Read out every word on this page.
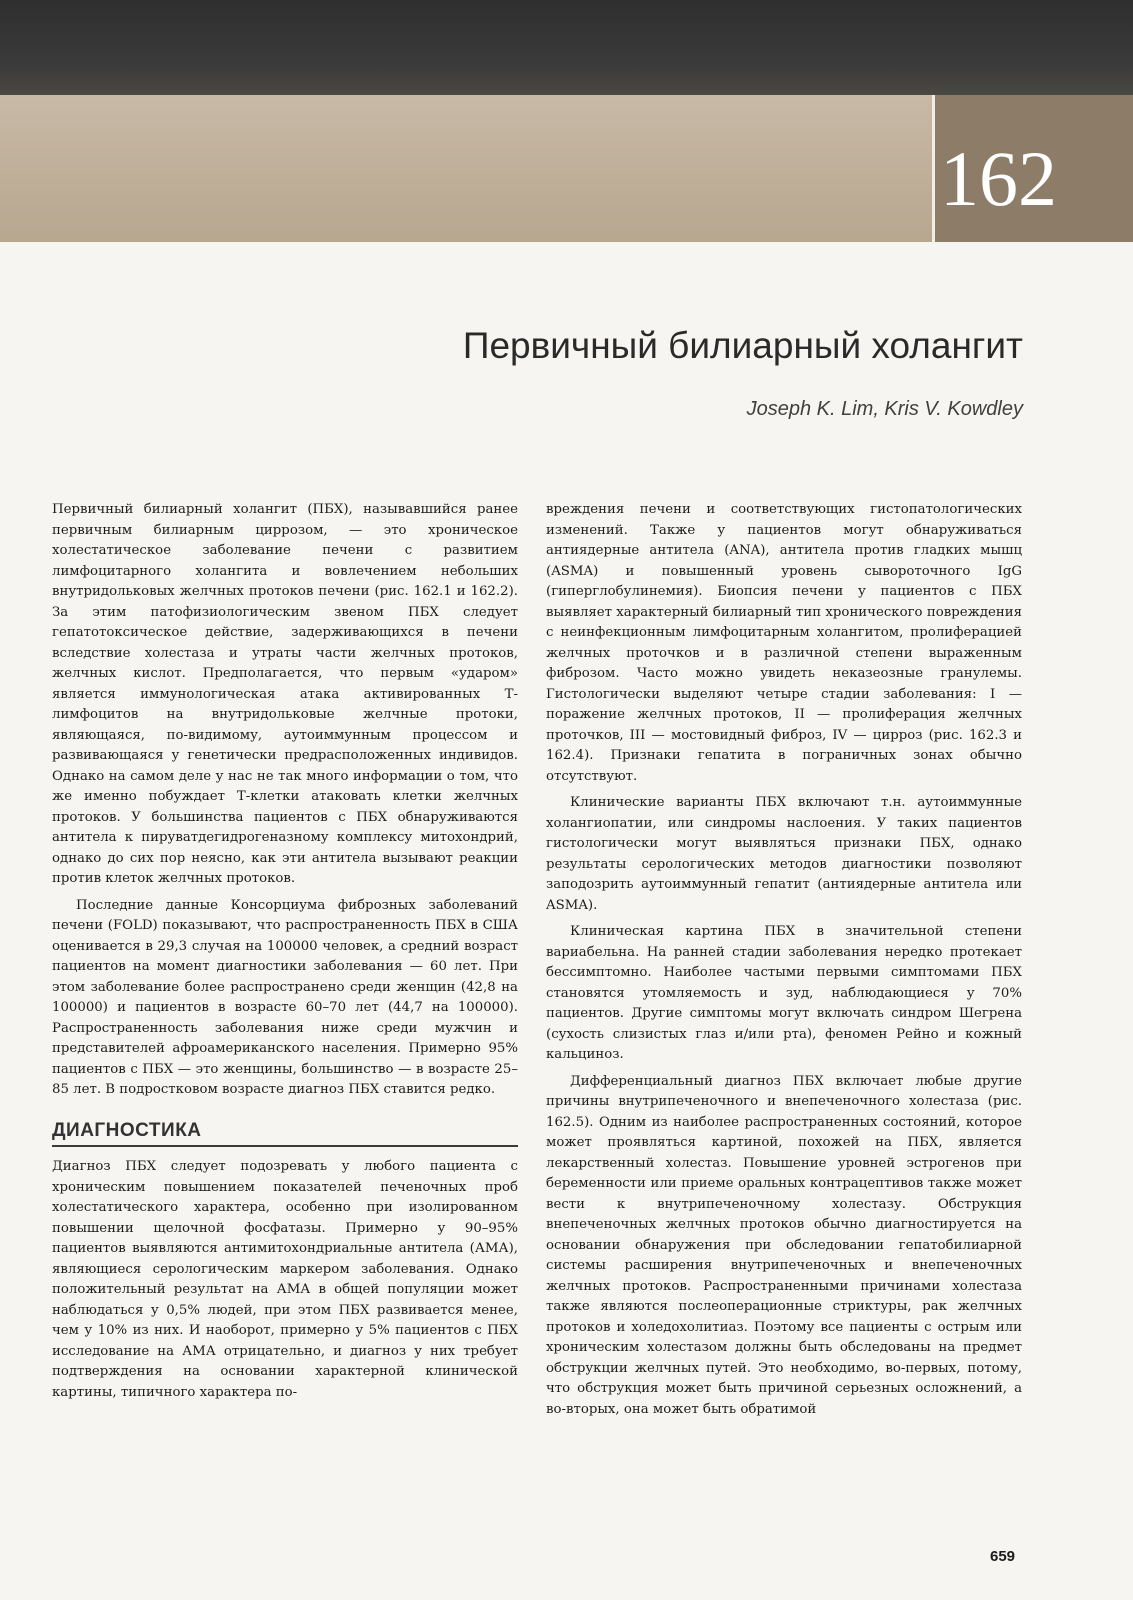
162
Первичный билиарный холангит
Joseph K. Lim, Kris V. Kowdley

Первичный билиарный холангит (ПБХ), называвшийся ранее первичным билиарным циррозом, — это хроническое холестатическое заболевание печени с развитием лимфоцитарного холангита и вовлечением небольших внутридольковых желчных протоков печени (рис. 162.1 и 162.2). За этим патофизиологическим звеном ПБХ следует гепатотоксическое действие, задерживающихся в печени вследствие холестаза и утраты части желчных протоков, желчных кислот. Предполагается, что первым «ударом» является иммунологическая атака активированных Т-лимфоцитов на внутридольковые желчные протоки, являющаяся, по-видимому, аутоиммунным процессом и развивающаяся у генетически предрасположенных индивидов. Однако на самом деле у нас не так много информации о том, что же именно побуждает Т-клетки атаковать клетки желчных протоков. У большинства пациентов с ПБХ обнаруживаются антитела к пируватдегидрогеназному комплексу митохондрий, однако до сих пор неясно, как эти антитела вызывают реакции против клеток желчных протоков.

Последние данные Консорциума фиброзных заболеваний печени (FOLD) показывают, что распространенность ПБХ в США оценивается в 29,3 случая на 100000 человек, а средний возраст пациентов на момент диагностики заболевания — 60 лет. При этом заболевание более распространено среди женщин (42,8 на 100000) и пациентов в возрасте 60–70 лет (44,7 на 100000). Распространенность заболевания ниже среди мужчин и представителей афроамериканского населения. Примерно 95% пациентов с ПБХ — это женщины, большинство — в возрасте 25–85 лет. В подростковом возрасте диагноз ПБХ ставится редко.

ДИАГНОСТИКА

Диагноз ПБХ следует подозревать у любого пациента с хроническим повышением показателей печеночных проб холестатического характера, особенно при изолированном повышении щелочной фосфатазы. Примерно у 90–95% пациентов выявляются антимитохондриальные антитела (АМА), являющиеся серологическим маркером заболевания. Однако положительный результат на АМА в общей популяции может наблюдаться у 0,5% людей, при этом ПБХ развивается менее, чем у 10% из них. И наоборот, примерно у 5% пациентов с ПБХ исследование на АМА отрицательно, и диагноз у них требует подтверждения на основании характерной клинической картины, типичного характера по-

вреждения печени и соответствующих гистопатологических изменений. Также у пациентов могут обнаруживаться антиядерные антитела (ANA), антитела против гладких мышц (ASMA) и повышенный уровень сывороточного IgG (гиперглобулинемия). Биопсия печени у пациентов с ПБХ выявляет характерный билиарный тип хронического повреждения с неинфекционным лимфоцитарным холангитом, пролиферацией желчных проточков и в различной степени выраженным фиброзом. Часто можно увидеть неказеозные гранулемы. Гистологически выделяют четыре стадии заболевания: I — поражение желчных протоков, II — пролиферация желчных проточков, III — мостовидный фиброз, IV — цирроз (рис. 162.3 и 162.4). Признаки гепатита в пограничных зонах обычно отсутствуют.

Клинические варианты ПБХ включают т.н. аутоиммунные холангиопатии, или синдромы наслоения. У таких пациентов гистологически могут выявляться признаки ПБХ, однако результаты серологических методов диагностики позволяют заподозрить аутоиммунный гепатит (антиядерные антитела или ASMA).

Клиническая картина ПБХ в значительной степени вариабельна. На ранней стадии заболевания нередко протекает бессимптомно. Наиболее частыми первыми симптомами ПБХ становятся утомляемость и зуд, наблюдающиеся у 70% пациентов. Другие симптомы могут включать синдром Шегрена (сухость слизистых глаз и/или рта), феномен Рейно и кожный кальциноз.

Дифференциальный диагноз ПБХ включает любые другие причины внутрипеченочного и внепеченочного холестаза (рис. 162.5). Одним из наиболее распространенных состояний, которое может проявляться картиной, похожей на ПБХ, является лекарственный холестаз. Повышение уровней эстрогенов при беременности или приеме оральных контрацептивов также может вести к внутрипеченочному холестазу. Обструкция внепеченочных желчных протоков обычно диагностируется на основании обнаружения при обследовании гепатобилиарной системы расширения внутрипеченочных и внепеченочных желчных протоков. Распространенными причинами холестаза также являются послеоперационные стриктуры, рак желчных протоков и холедохолитиаз. Поэтому все пациенты с острым или хроническим холестазом должны быть обследованы на предмет обструкции желчных путей. Это необходимо, во-первых, потому, что обструкция может быть причиной серьезных осложнений, а во-вторых, она может быть обратимой

659
